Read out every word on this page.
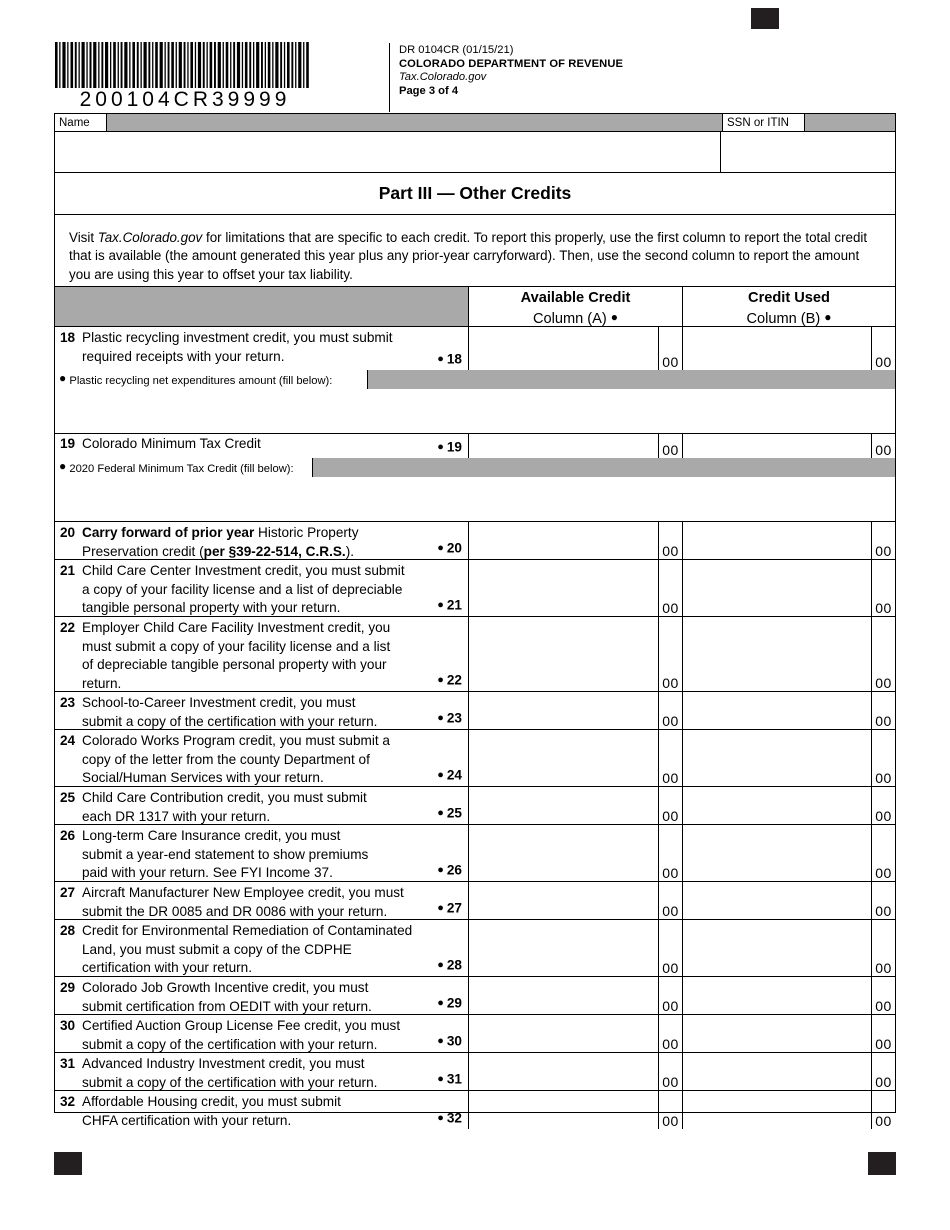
200104CR39999
DR 0104CR (01/15/21)
COLORADO DEPARTMENT OF REVENUE
Tax.Colorado.gov
Page 3 of 4
Name	SSN or ITIN
Part III — Other Credits
Visit Tax.Colorado.gov for limitations that are specific to each credit. To report this properly, use the first column to report the total credit that is available (the amount generated this year plus any prior-year carryforward). Then, use the second column to report the amount you are using this year to offset your tax liability.
Available Credit
Column (A) ●
Credit Used
Column (B) ●
18 Plastic recycling investment credit, you must submit
required receipts with your return.	● 18	00	00
● Plastic recycling net expenditures amount (fill below):
19 Colorado Minimum Tax Credit	● 19	00	00
● 2020 Federal Minimum Tax Credit (fill below):
20 Carry forward of prior year Historic Property
Preservation credit (per §39-22-514, C.R.S.).	● 20	00	00
21 Child Care Center Investment credit, you must submit
a copy of your facility license and a list of depreciable
tangible personal property with your return.	● 21	00	00
22 Employer Child Care Facility Investment credit, you
must submit a copy of your facility license and a list
of depreciable tangible personal property with your
return.	● 22	00	00
23 School-to-Career Investment credit, you must
submit a copy of the certification with your return.	● 23	00	00
24 Colorado Works Program credit, you must submit a
copy of the letter from the county Department of
Social/Human Services with your return.	● 24	00	00
25 Child Care Contribution credit, you must submit
each DR 1317 with your return.	● 25	00	00
26 Long-term Care Insurance credit, you must
submit a year-end statement to show premiums
paid with your return. See FYI Income 37.	● 26	00	00
27 Aircraft Manufacturer New Employee credit, you must
submit the DR 0085 and DR 0086 with your return.	● 27	00	00
28 Credit for Environmental Remediation of Contaminated
Land, you must submit a copy of the CDPHE
certification with your return.	● 28	00	00
29 Colorado Job Growth Incentive credit, you must
submit certification from OEDIT with your return.	● 29	00	00
30 Certified Auction Group License Fee credit, you must
submit a copy of the certification with your return.	● 30	00	00
31 Advanced Industry Investment credit, you must
submit a copy of the certification with your return.	● 31	00	00
32 Affordable Housing credit, you must submit
CHFA certification with your return.	● 32	00	00
